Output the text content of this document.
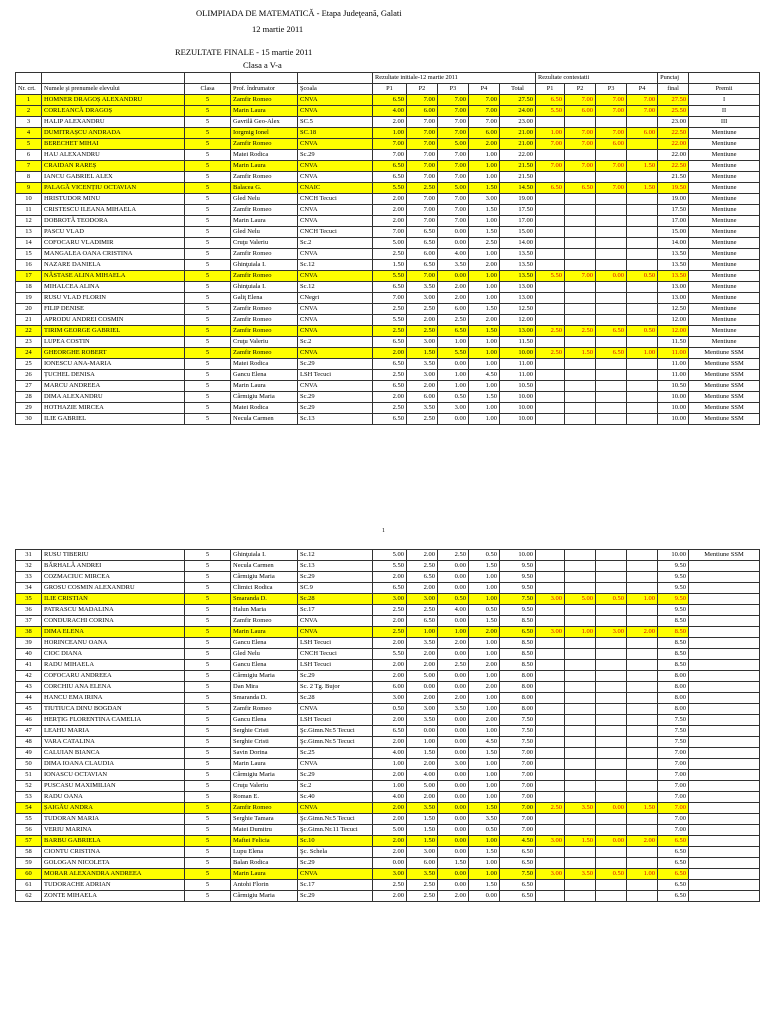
OLIMPIADA DE MATEMATICĂ - Etapa Judeţeană, Galati
12 martie 2011
REZULTATE FINALE - 15 martie 2011
Clasa a V-a
					Rezultate initiale-12 martie 2011					Rezultate contestatii				Punctaj	
Nr. crt.	Numele şi prenumele elevului	Clasa	Prof. îndrumator	Şcoala	P1	P2	P3	P4	Total	P1	P2	P3	P4	final	Premii
1	HOMNER DRAGOȘ ALEXANDRU	5	Zamfir Romeo	CNVA	6.50	7.00	7.00	7.00	27.50	6.50	7.00	7.00	7.00	27.50	I
2	CORLEANCĂ DRAGOȘ	5	Marin Laura	CNVA	4.00	6.00	7.00	7.00	24.00	5.50	6.00	7.00	7.00	25.50	II
3	HALIP ALEXANDRU	5	Gavrilă Geo-Alex	SC.5	2.00	7.00	7.00	7.00	23.00					23.00	III
4	DUMITRAȘCU ANDRADA	5	Iorgmig Ionel	SC.18	1.00	7.00	7.00	6.00	21.00	1.00	7.00	7.00	6.00	22.50	Mentiune
5	BERECHET MIHAI	5	Zamfir Romeo	CNVA	7.00	7.00	5.00	2.00	21.00	7.00	7.00	6.00		22.00	Mentiune
6	HAU ALEXANDRU	5	Matei Rodica	Sc.29	7.00	7.00	7.00	1.00	22.00					22.00	Mentiune
7	CRAIDAN RAREȘ	5	Marin Laura	CNVA	6.50	7.00	7.00	1.00	21.50	7.00	7.00	7.00	1.50	22.50	Mentiune
8	IANCU GABRIEL ALEX	5	Zamfir Romeo	CNVA	6.50	7.00	7.00	1.00	21.50					21.50	Mentiune
9	PALAGĂ VICENȚIU OCTAVIAN	5	Balacea G.	CNAIC	5.50	2.50	5.00	1.50	14.50	6.50	6.50	7.00	1.50	19.50	Mentiune
10	HRISTUDOR MINU	5	Gled Nelu	CNCH Tecuci	2.00	7.00	7.00	3.00	19.00					19.00	Mentiune
11	CRISTESCU ILEANA MIHAELA	5	Zamfir Romeo	CNVA	2.00	7.00	7.00	1.50	17.50					17.50	Mentiune
12	DOBROTĂ TEODORA	5	Marin Laura	CNVA	2.00	7.00	7.00	1.00	17.00					17.00	Mentiune
13	PASCU VLAD	5	Gled Nelu	CNCH Tecuci	7.00	6.50	0.00	1.50	15.00					15.00	Mentiune
14	COFOCARU VLADIMIR	5	Cruţu Valeriu	Sc.2	5.00	6.50	0.00	2.50	14.00					14.00	Mentiune
15	MANGALEA OANA CRISTINA	5	Zamfir Romeo	CNVA	2.50	6.00	4.00	1.00	13.50					13.50	Mentiune
16	NAZARE DANIELA	5	Ghinţuiala I.	Sc.12	1.50	6.50	3.50	2.00	13.50					13.50	Mentiune
17	NĂSTASE ALINA MIHAELA	5	Zamfir Romeo	CNVA	5.50	7.00	0.00	1.00	13.50	5.50	7.00	0.00	0.50	13.50	Mentiune
18	MIHALCEA ALINA	5	Ghinţuiala I.	Sc.12	6.50	3.50	2.00	1.00	13.00					13.00	Mentiune
19	RUSU VLAD FLORIN	5	Galiţ Elena	CNegri	7.00	3.00	2.00	1.00	13.00					13.00	Mentiune
20	FILIP DENISE	5	Zamfir Romeo	CNVA	2.50	2.50	6.00	1.50	12.50					12.50	Mentiune
21	APRODU ANDREI COSMIN	5	Zamfir Romeo	CNVA	5.50	2.00	2.50	2.00	12.00					12.00	Mentiune
22	TIRIM GEORGE GABRIEL	5	Zamfir Romeo	CNVA	2.50	2.50	6.50	1.50	13.00	2.50	2.50	6.50	0.50	12.00	Mentiune
23	LUPEA COSTIN	5	Cruţu Valeriu	Sc.2	6.50	3.00	1.00	1.00	11.50					11.50	Mentiune
24	GHEORGHE ROBERT	5	Zamfir Romeo	CNVA	2.00	1.50	5.50	1.00	10.00	2.50	1.50	6.50	1.00	11.00	Mentiune SSM
25	IONESCU ANA-MARIA	5	Matei Rodica	Sc.29	6.50	3.50	0.00	1.00	11.00					11.00	Mentiune SSM
26	ȚUCHEL DENISA	5	Gancu Elena	LSH Tecuci	2.50	3.00	1.00	4.50	11.00					11.00	Mentiune SSM
27	MARCU ANDREEA	5	Marin Laura	CNVA	6.50	2.00	1.00	1.00	10.50					10.50	Mentiune SSM
28	DIMA ALEXANDRU	5	Cârmigiu Maria	Sc.29	2.00	6.00	0.50	1.50	10.00					10.00	Mentiune SSM
29	HOTHAZIE MIRCEA	5	Matei Rodica	Sc.29	2.50	3.50	3.00	1.00	10.00					10.00	Mentiune SSM
30	ILIE GABRIEL	5	Necula Carmen	Sc.13	6.50	2.50	0.00	1.00	10.00					10.00	Mentiune SSM
1
31	RUSU TIBERIU	5	Ghinţuiala I.	Sc.12	5.00	2.00	2.50	0.50	10.00					10.00	Mentiune SSM
32	BĂRHALĂ ANDREI	5	Necula Carmen	Sc.13	5.50	2.50	0.00	1.50	9.50					9.50	
33	COZMACIUC MIRCEA	5	Cârmigiu Maria	Sc.29	2.00	6.50	0.00	1.00	9.50					9.50	
34	GROSU COSMIN ALEXANDRU	5	Climici Rodica	SC.9	6.50	2.00	0.00	1.00	9.50					9.50	
35	ILIE CRISTIAN	5	Smaranda D.	Sc.28	3.00	3.00	0.50	1.00	7.50	3.00	5.00	0.50	1.00	9.50	
36	PATRASCU MADALINA	5	Halun Maria	Sc.17	2.50	2.50	4.00	0.50	9.50					9.50	
37	CONDURACHI CORINA	5	Zamfir Romeo	CNVA	2.00	6.50	0.00	1.50	8.50					8.50	
38	DIMA ELENA	5	Marin Laura	CNVA	2.50	1.00	1.00	2.00	6.50	3.00	1.00	3.00	2.00	8.50	
39	HORINCEANU OANA	5	Gancu Elena	LSH Tecuci	2.00	3.50	2.00	1.00	8.50					8.50	
40	CIOC DIANA	5	Gled Nelu	CNCH Tecuci	5.50	2.00	0.00	1.00	8.50					8.50	
41	RADU MIHAELA	5	Gancu Elena	LSH Tecuci	2.00	2.00	2.50	2.00	8.50					8.50	
42	COFOCARU ANDREEA	5	Cârmigiu Maria	Sc.29	2.00	5.00	0.00	1.00	8.00					8.00	
43	CORCHIU ANA ELENA	5	Dan Mira	Sc. 2 Tg. Bujor	6.00	0.00	0.00	2.00	8.00					8.00	
44	HANCU EMA IRINA	5	Smaranda D.	Sc.28	3.00	2.00	2.00	1.00	8.00					8.00	
45	TIUTIUCA DINU BOGDAN	5	Zamfir Romeo	CNVA	0.50	3.00	3.50	1.00	8.00					8.00	
46	HERȚIG FLORENTINA CAMELIA	5	Gancu Elena	LSH Tecuci	2.00	3.50	0.00	2.00	7.50					7.50	
47	LEAHU MARIA	5	Serghie Cristi	Şc.Gimn.Nr.5 Tecuci	6.50	0.00	0.00	1.00	7.50					7.50	
48	VARA CATALINA	5	Serghie Cristi	Şc.Gimn.Nr.5 Tecuci	2.00	1.00	0.00	4.50	7.50					7.50	
49	CALUIAN BIANCA	5	Savin Dorina	Sc.25	4.00	1.50	0.00	1.50	7.00					7.00	
50	DIMA IOANA CLAUDIA	5	Marin Laura	CNVA	1.00	2.00	3.00	1.00	7.00					7.00	
51	IONASCU OCTAVIAN	5	Cârmigiu Maria	Sc.29	2.00	4.00	0.00	1.00	7.00					7.00	
52	PUSCASU MAXIMILIAN	5	Cruţu Valeriu	Sc.2	1.00	5.00	0.00	1.00	7.00					7.00	
53	RADU OANA	5	Roman E.	Sc.40	4.00	2.00	0.00	1.00	7.00					7.00	
54	ȘAIGĂU ANDRA	5	Zamfir Romeo	CNVA	2.00	3.50	0.00	1.50	7.00	2.50	3.50	0.00	1.50	7.00	
55	TUDORAN MARIA	5	Serghie Tamara	Şc.Gimn.Nr.5 Tecuci	2.00	1.50	0.00	3.50	7.00					7.00	
56	VERIU MARINA	5	Matei Dumitru	Şc.Gimn.Nr.11 Tecuci	5.00	1.50	0.00	0.50	7.00					7.00	
57	BARBU GABRIELA	5	Maftei Felicia	Sc.10	2.00	1.50	0.00	1.00	4.50	3.00	1.50	0.00	2.00	6.50	
58	CIONTU CRISTINA	5	Lupu Elena	Şc. Schela	2.00	3.00	0.00	1.50	6.50					6.50	
59	GOLOGAN NICOLETA	5	Balan Rodica	Sc.29	0.00	6.00	1.50	1.00	6.50					6.50	
60	MORAR ALEXANDRA ANDREEA	5	Marin Laura	CNVA	3.00	3.50	0.00	1.00	7.50	3.00	3.50	0.50	1.00	6.50	
61	TUDORACHE ADRIAN	5	Antohi Florin	Sc.17	2.50	2.50	0.00	1.50	6.50					6.50	
62	ZONTE MIHAELA	5	Cârmigiu Maria	Sc.29	2.00	2.50	2.00	0.00	6.50					6.50	
